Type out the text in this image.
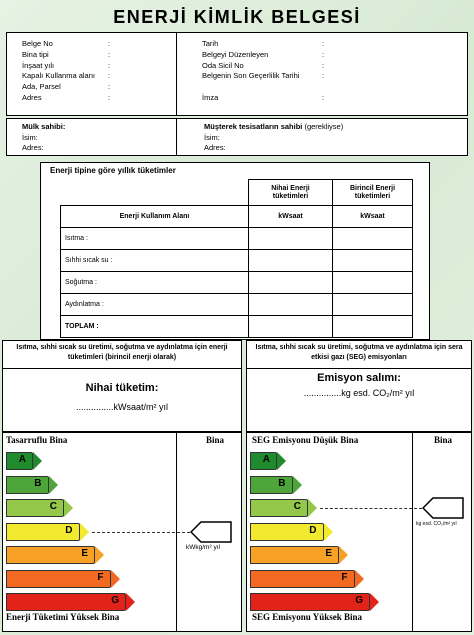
ENERJİ KİMLİK BELGESİ
Belge No	:
Bina tipi	:
İnşaat yılı	:
Kapalı Kullanma alanı :
Ada, Parsel	:
Adres	:
Tarih	:
Belgeyi Düzenleyen	:
Oda Sicil No	:
Belgenin Son Geçerlilik Tarihi	:
İmza	:
Mülk sahibi:
İsim:
Adres:
Müşterek tesisatların sahibi (gerekliyse)
İsim:
Adres:
Enerji tipine göre yıllık tüketimler
	Nihai Enerji tüketimleri	Birincil Enerji tüketimleri
Enerji Kullanım Alanı	kWsaat	kWsaat
Isıtma :		
Sıhhi sıcak su :		
Soğutma :		
Aydınlatma :		
TOPLAM :		
Isıtma, sıhhi sıcak su üretimi, soğutma ve aydınlatma için enerji tüketimleri (birincil enerji olarak)
Nihai tüketim:
...............kWsaat/m² yıl
Isıtma, sıhhi sıcak su üretimi, soğutma ve aydınlatma için sera etkisi gazı (SEG) emisyonları
Emisyon salımı:
...............kg esd. CO₂/m² yıl
Tasarruflu Bina	Bina
Enerji Tüketimi Yüksek Bina
A
B
C
D
E
F
G
kWkg/m² yıl
SEG Emisyonu Düşük Bina	Bina
SEG Emisyonu Yüksek Bina
A
B
C
D
E
F
G
kg esd. CO₂/m² yıl
